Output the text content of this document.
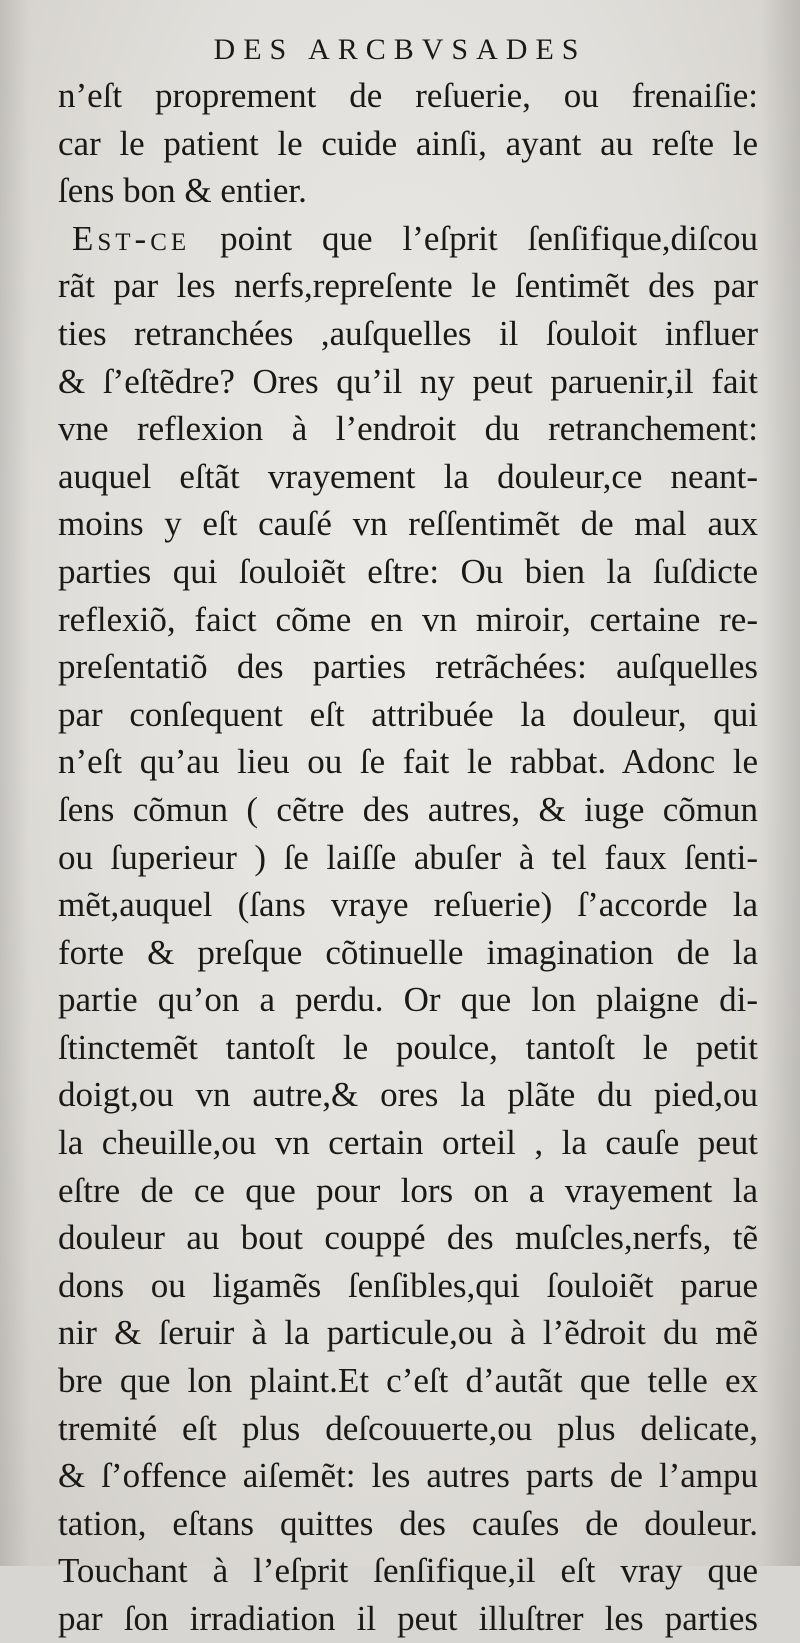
DES ARCBVSADES
n’eſt proprement de reſuerie, ou frenaiſie:
car le patient le cuide ainſi, ayant au reſte le
ſens bon & entier.
Est-ce point que l’eſprit ſenſifique,diſcou
rãt par les nerfs,repreſente le ſentimẽt des par
ties retranchées ,auſquelles il ſouloit influer
& ſ’eſtẽdre? Ores qu’il ny peut paruenir,il fait
vne reflexion à l’endroit du retranchement:
auquel eſtãt vrayement la douleur,ce neant-
moins y eſt cauſé vn reſſentimẽt de mal aux
parties qui ſouloiẽt eſtre: Ou bien la ſuſdicte
reflexiõ, faict cõme en vn miroir, certaine re-
preſentatiõ des parties retrãchées: auſquelles
par conſequent eſt attribuée la douleur, qui
n’eſt qu’au lieu ou ſe fait le rabbat. Adonc le
ſens cõmun ( cẽtre des autres, & iuge cõmun
ou ſuperieur ) ſe laiſſe abuſer à tel faux ſenti-
mẽt,auquel (ſans vraye reſuerie) ſ’accorde la
forte & preſque cõtinuelle imagination de la
partie qu’on a perdu. Or que lon plaigne di-
ſtinctemẽt tantoſt le poulce, tantoſt le petit
doigt,ou vn autre,& ores la plãte du pied,ou
la cheuille,ou vn certain orteil , la cauſe peut
eſtre de ce que pour lors on a vrayement la
douleur au bout couppé des muſcles,nerfs, tẽ
dons ou ligamẽs ſenſibles,qui ſouloiẽt parue
nir & ſeruir à la particule,ou à l’ẽdroit du mẽ
bre que lon plaint.Et c’eſt d’autãt que telle ex
tremité eſt plus deſcouuerte,ou plus delicate,
& ſ’offence aiſemẽt: les autres parts de l’ampu
tation, eſtans quittes des cauſes de douleur.
Touchant à l’eſprit ſenſifique,il eſt vray que
par ſon irradiation il peut illuſtrer les parties
